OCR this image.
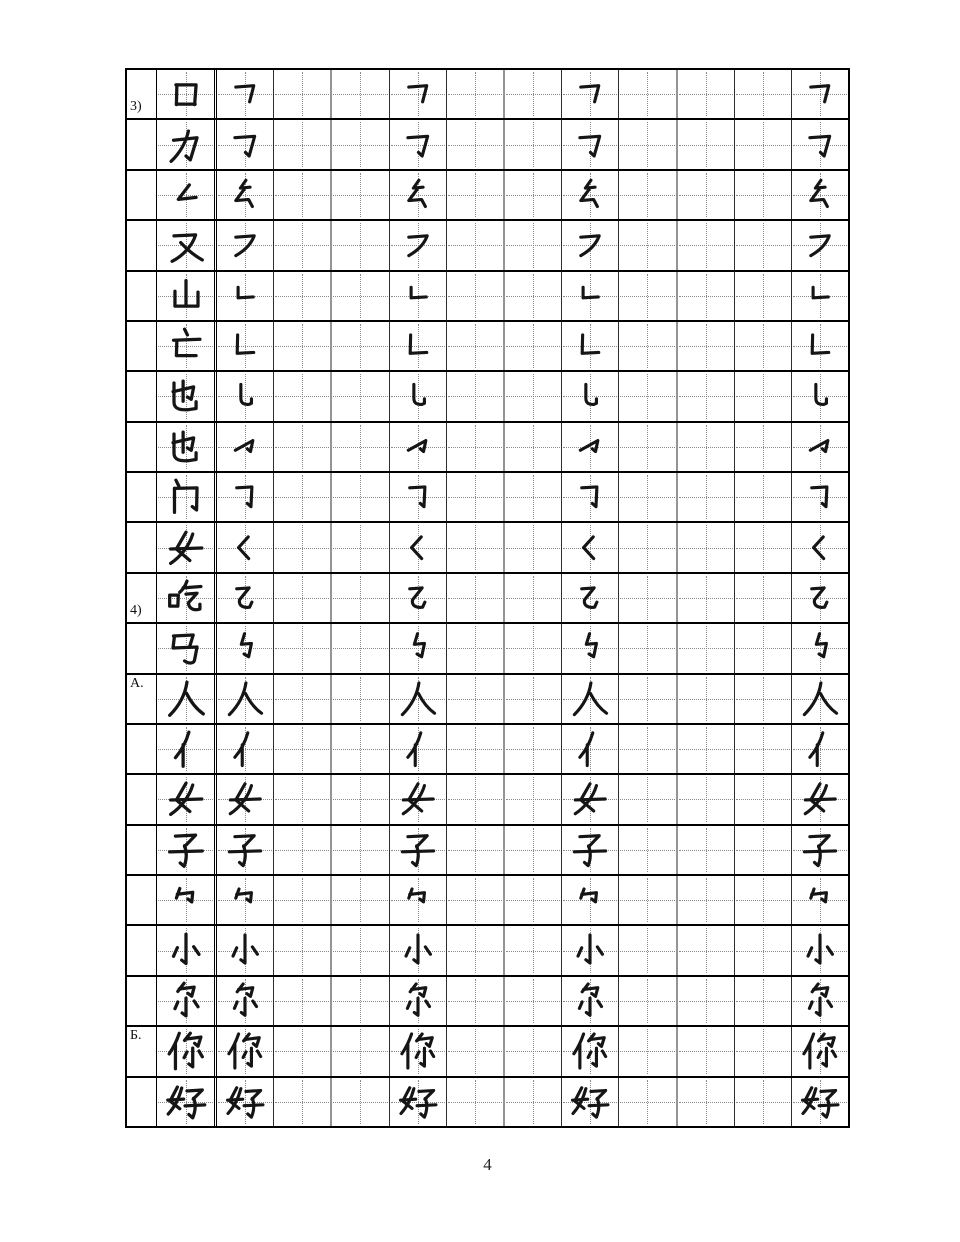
3)
4)
А.
Б.
4
